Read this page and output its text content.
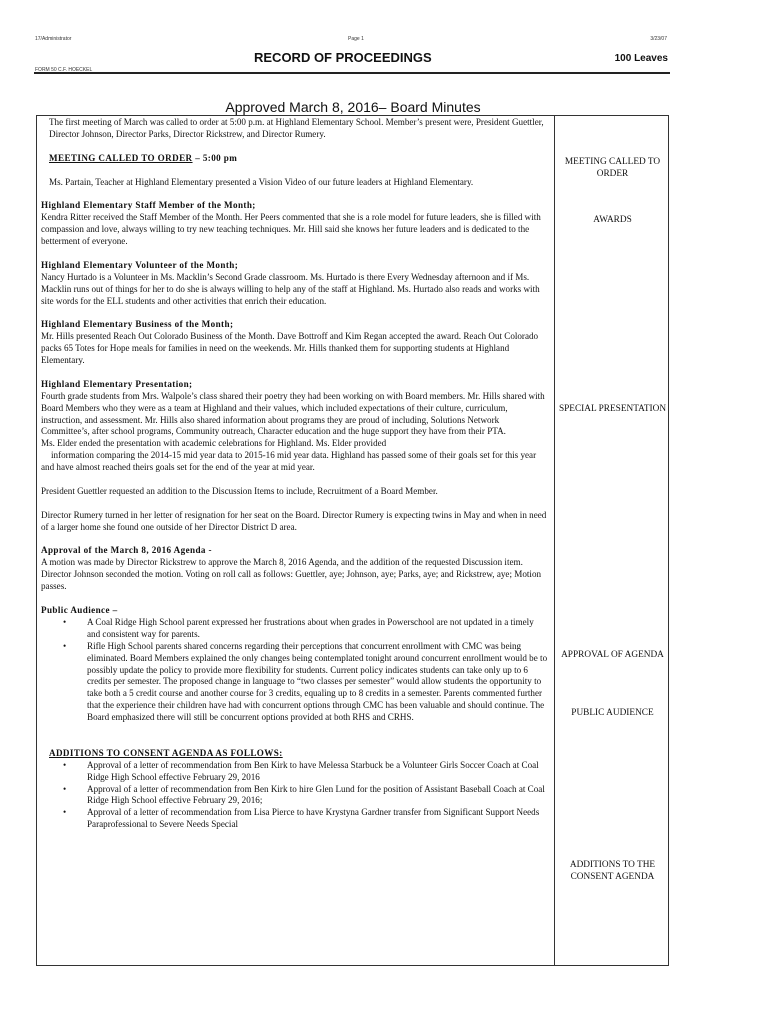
17/Administrator	Page 1	3/23/07
RECORD OF PROCEEDINGS	100 Leaves
FORM 50 C.F. HOECKEL
Approved March 8, 2016– Board Minutes

The first meeting of March was called to order at 5:00 p.m. at Highland Elementary School. Member’s present were, President Guettler, Director Johnson, Director Parks, Director Rickstrew, and Director Rumery.

MEETING CALLED TO ORDER – 5:00 pm

Ms. Partain, Teacher at Highland Elementary presented a Vision Video of our future leaders at Highland Elementary.

Highland Elementary Staff Member of the Month;

Kendra Ritter received the Staff Member of the Month. Her Peers commented that she is a role model for future leaders, she is filled with compassion and love, always willing to try new teaching techniques. Mr. Hill said she knows her future leaders and is dedicated to the betterment of everyone.

Highland Elementary Volunteer of the Month;

Nancy Hurtado is a Volunteer in Ms. Macklin’s Second Grade classroom. Ms. Hurtado is there Every Wednesday afternoon and if Ms. Macklin runs out of things for her to do she is always willing to help any of the staff at Highland. Ms. Hurtado also reads and works with site words for the ELL students and other activities that enrich their education.

Highland Elementary Business of the Month;

Mr. Hills presented Reach Out Colorado Business of the Month. Dave Bottroff and Kim Regan accepted the award. Reach Out Colorado packs 65 Totes for Hope meals for families in need on the weekends. Mr. Hills thanked them for supporting students at Highland Elementary.

Highland Elementary Presentation;

Fourth grade students from Mrs. Walpole’s class shared their poetry they had been working on with Board members. Mr. Hills shared with Board Members who they were as a team at Highland and their values, which included expectations of their culture, curriculum, instruction, and assessment. Mr. Hills also shared information about programs they are proud of including, Solutions Network Committee’s, after school programs, Community outreach, Character education and the huge support they have from their PTA.

Ms. Elder ended the presentation with academic celebrations for Highland. Ms. Elder provided

information comparing the 2014-15 mid year data to 2015-16 mid year data. Highland has passed some of their goals set for this year and have almost reached theirs goals set for the end of the year at mid year.

President Guettler requested an addition to the Discussion Items to include, Recruitment of a Board Member.

Director Rumery turned in her letter of resignation for her seat on the Board. Director Rumery is expecting twins in May and when in need of a larger home she found one outside of her Director District D area.

Approval of the March 8, 2016 Agenda -

A motion was made by Director Rickstrew to approve the March 8, 2016 Agenda, and the addition of the requested Discussion item. Director Johnson seconded the motion. Voting on roll call as follows: Guettler, aye; Johnson, aye; Parks, aye; and Rickstrew, aye; Motion passes.

Public Audience –

• A Coal Ridge High School parent expressed her frustrations about when grades in Powerschool are not updated in a timely and consistent way for parents.
• Rifle High School parents shared concerns regarding their perceptions that concurrent enrollment with CMC was being eliminated. Board Members explained the only changes being contemplated tonight around concurrent enrollment would be to possibly update the policy to provide more flexibility for students. Current policy indicates students can take only up to 6 credits per semester. The proposed change in language to “two classes per semester” would allow students the opportunity to take both a 5 credit course and another course for 3 credits, equaling up to 8 credits in a semester. Parents commented further that the experience their children have had with concurrent options through CMC has been valuable and should continue. The Board emphasized there will still be concurrent options provided at both RHS and CRHS.

ADDITIONS TO CONSENT AGENDA AS FOLLOWS:

• Approval of a letter of recommendation from Ben Kirk to have Melessa Starbuck be a Volunteer Girls Soccer Coach at Coal Ridge High School effective February 29, 2016
• Approval of a letter of recommendation from Ben Kirk to hire Glen Lund for the position of Assistant Baseball Coach at Coal Ridge High School effective February 29, 2016;
• Approval of a letter of recommendation from Lisa Pierce to have Krystyna Gardner transfer from Significant Support Needs Paraprofessional to Severe Needs Special
MEETING CALLED TO ORDER
AWARDS
SPECIAL PRESENTATION
APPROVAL OF AGENDA
PUBLIC AUDIENCE
ADDITIONS TO THE CONSENT AGENDA
